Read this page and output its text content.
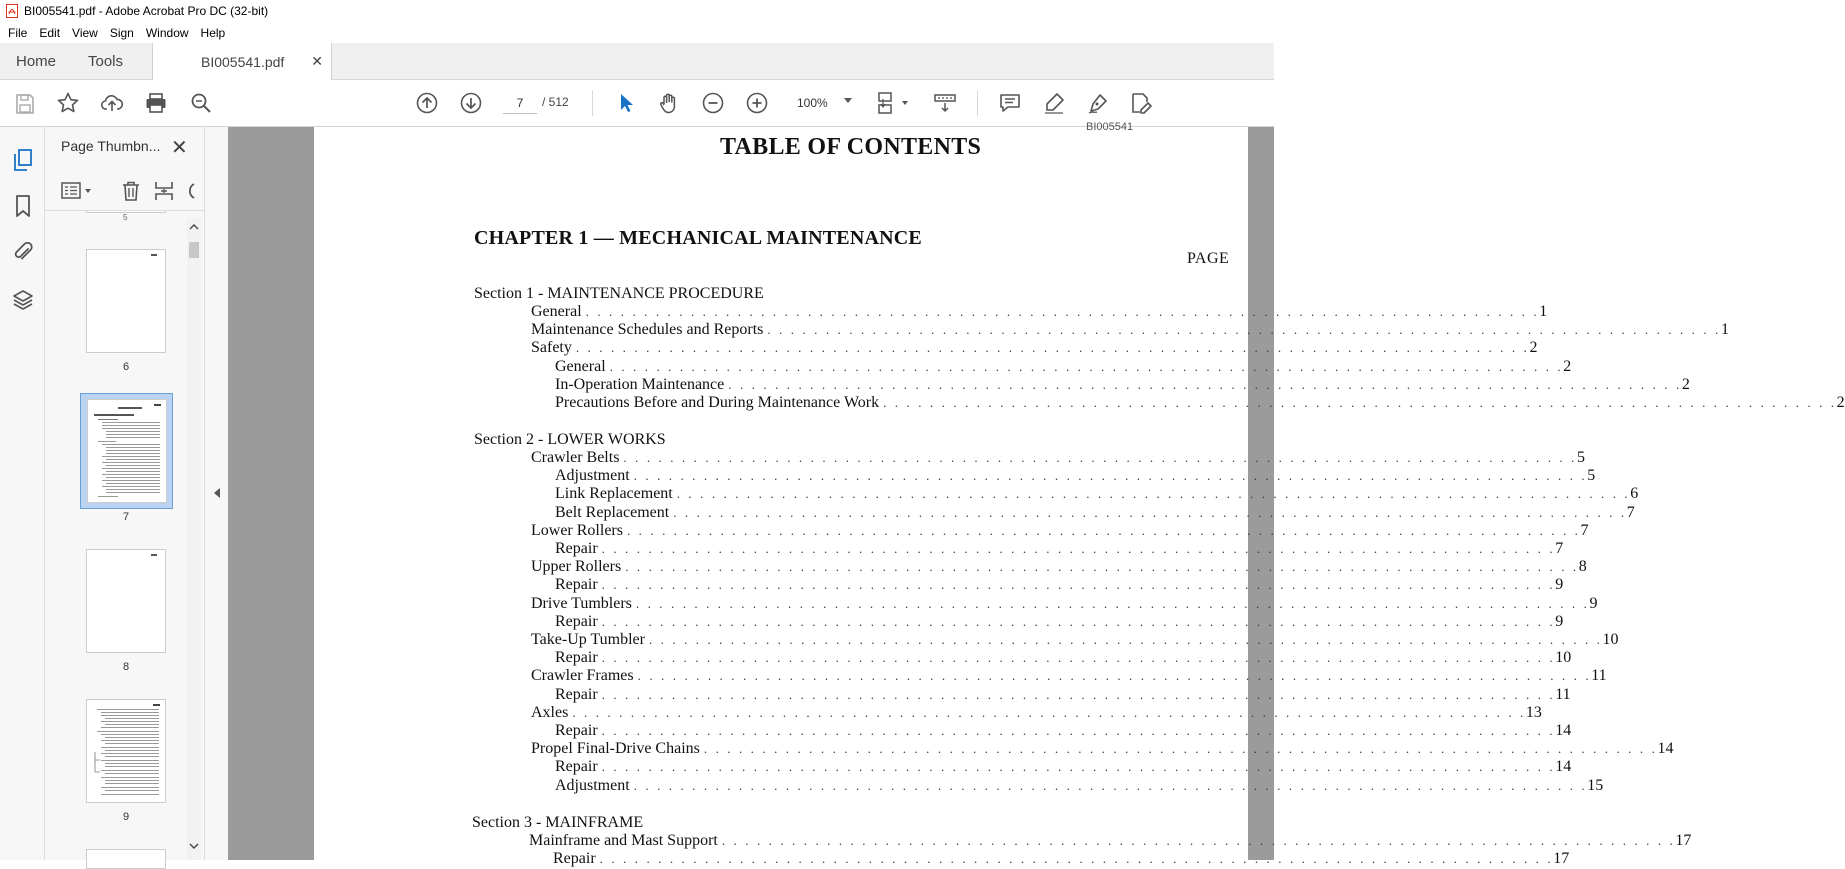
BI005541.pdf - Adobe Acrobat Pro DC (32-bit)
File	Edit	View	Sign	Window	Help
Home Tools	BI005541.pdf ✕
7
/ 512	100%
Page Thumbn... ✕
5
6
7
8
9
BI005541
TABLE OF CONTENTS
CHAPTER 1 — MECHANICAL MAINTENANCE
PAGE
Section 1 - MAINTENANCE PROCEDURE
General . . . . . . . . . . . . . . . . . . . . . . . . . . . . . . . . . . . . . . . . . . . . . . . . . . . . . . . . . . . . . . . . . . . . . . . . . . . . . . . . . . 1
Maintenance Schedules and Reports . . . . . . . . . . . . . . . . . . . . . . . . . . . . . . . . . . . . . . . . . . . . . . . . . . . . . . . . . . . . . . . . . . . . . . . . . . . . . . . . . . 1
Safety . . . . . . . . . . . . . . . . . . . . . . . . . . . . . . . . . . . . . . . . . . . . . . . . . . . . . . . . . . . . . . . . . . . . . . . . . . . . . . . . . . 2
General . . . . . . . . . . . . . . . . . . . . . . . . . . . . . . . . . . . . . . . . . . . . . . . . . . . . . . . . . . . . . . . . . . . . . . . . . . . . . . . . . . 2
In-Operation Maintenance . . . . . . . . . . . . . . . . . . . . . . . . . . . . . . . . . . . . . . . . . . . . . . . . . . . . . . . . . . . . . . . . . . . . . . . . . . . . . . . . . . 2
Precautions Before and During Maintenance Work . . . . . . . . . . . . . . . . . . . . . . . . . . . . . . . . . . . . . . . . . . . . . . . . . . . . . . . . . . . . . . . . . . . . . . . . . . . . . . . . . . 2
Section 2 - LOWER WORKS
Crawler Belts . . . . . . . . . . . . . . . . . . . . . . . . . . . . . . . . . . . . . . . . . . . . . . . . . . . . . . . . . . . . . . . . . . . . . . . . . . . . . . . . . . 5
Adjustment . . . . . . . . . . . . . . . . . . . . . . . . . . . . . . . . . . . . . . . . . . . . . . . . . . . . . . . . . . . . . . . . . . . . . . . . . . . . . . . . . . 5
Link Replacement . . . . . . . . . . . . . . . . . . . . . . . . . . . . . . . . . . . . . . . . . . . . . . . . . . . . . . . . . . . . . . . . . . . . . . . . . . . . . . . . . . 6
Belt Replacement . . . . . . . . . . . . . . . . . . . . . . . . . . . . . . . . . . . . . . . . . . . . . . . . . . . . . . . . . . . . . . . . . . . . . . . . . . . . . . . . . . 7
Lower Rollers . . . . . . . . . . . . . . . . . . . . . . . . . . . . . . . . . . . . . . . . . . . . . . . . . . . . . . . . . . . . . . . . . . . . . . . . . . . . . . . . . . 7
Repair . . . . . . . . . . . . . . . . . . . . . . . . . . . . . . . . . . . . . . . . . . . . . . . . . . . . . . . . . . . . . . . . . . . . . . . . . . . . . . . . . . 7
Upper Rollers . . . . . . . . . . . . . . . . . . . . . . . . . . . . . . . . . . . . . . . . . . . . . . . . . . . . . . . . . . . . . . . . . . . . . . . . . . . . . . . . . . 8
Repair . . . . . . . . . . . . . . . . . . . . . . . . . . . . . . . . . . . . . . . . . . . . . . . . . . . . . . . . . . . . . . . . . . . . . . . . . . . . . . . . . . 9
Drive Tumblers . . . . . . . . . . . . . . . . . . . . . . . . . . . . . . . . . . . . . . . . . . . . . . . . . . . . . . . . . . . . . . . . . . . . . . . . . . . . . . . . . . 9
Repair . . . . . . . . . . . . . . . . . . . . . . . . . . . . . . . . . . . . . . . . . . . . . . . . . . . . . . . . . . . . . . . . . . . . . . . . . . . . . . . . . . 9
Take-Up Tumbler . . . . . . . . . . . . . . . . . . . . . . . . . . . . . . . . . . . . . . . . . . . . . . . . . . . . . . . . . . . . . . . . . . . . . . . . . . . . . . . . . . 10
Repair . . . . . . . . . . . . . . . . . . . . . . . . . . . . . . . . . . . . . . . . . . . . . . . . . . . . . . . . . . . . . . . . . . . . . . . . . . . . . . . . . . 10
Crawler Frames . . . . . . . . . . . . . . . . . . . . . . . . . . . . . . . . . . . . . . . . . . . . . . . . . . . . . . . . . . . . . . . . . . . . . . . . . . . . . . . . . . 11
Repair . . . . . . . . . . . . . . . . . . . . . . . . . . . . . . . . . . . . . . . . . . . . . . . . . . . . . . . . . . . . . . . . . . . . . . . . . . . . . . . . . . 11
Axles . . . . . . . . . . . . . . . . . . . . . . . . . . . . . . . . . . . . . . . . . . . . . . . . . . . . . . . . . . . . . . . . . . . . . . . . . . . . . . . . . . 13
Repair . . . . . . . . . . . . . . . . . . . . . . . . . . . . . . . . . . . . . . . . . . . . . . . . . . . . . . . . . . . . . . . . . . . . . . . . . . . . . . . . . . 14
Propel Final-Drive Chains . . . . . . . . . . . . . . . . . . . . . . . . . . . . . . . . . . . . . . . . . . . . . . . . . . . . . . . . . . . . . . . . . . . . . . . . . . . . . . . . . . 14
Repair . . . . . . . . . . . . . . . . . . . . . . . . . . . . . . . . . . . . . . . . . . . . . . . . . . . . . . . . . . . . . . . . . . . . . . . . . . . . . . . . . . 14
Adjustment . . . . . . . . . . . . . . . . . . . . . . . . . . . . . . . . . . . . . . . . . . . . . . . . . . . . . . . . . . . . . . . . . . . . . . . . . . . . . . . . . . 15
Section 3 - MAINFRAME
Mainframe and Mast Support . . . . . . . . . . . . . . . . . . . . . . . . . . . . . . . . . . . . . . . . . . . . . . . . . . . . . . . . . . . . . . . . . . . . . . . . . . . . . . . . . . 17
Repair . . . . . . . . . . . . . . . . . . . . . . . . . . . . . . . . . . . . . . . . . . . . . . . . . . . . . . . . . . . . . . . . . . . . . . . . . . . . . . . . . . 17
